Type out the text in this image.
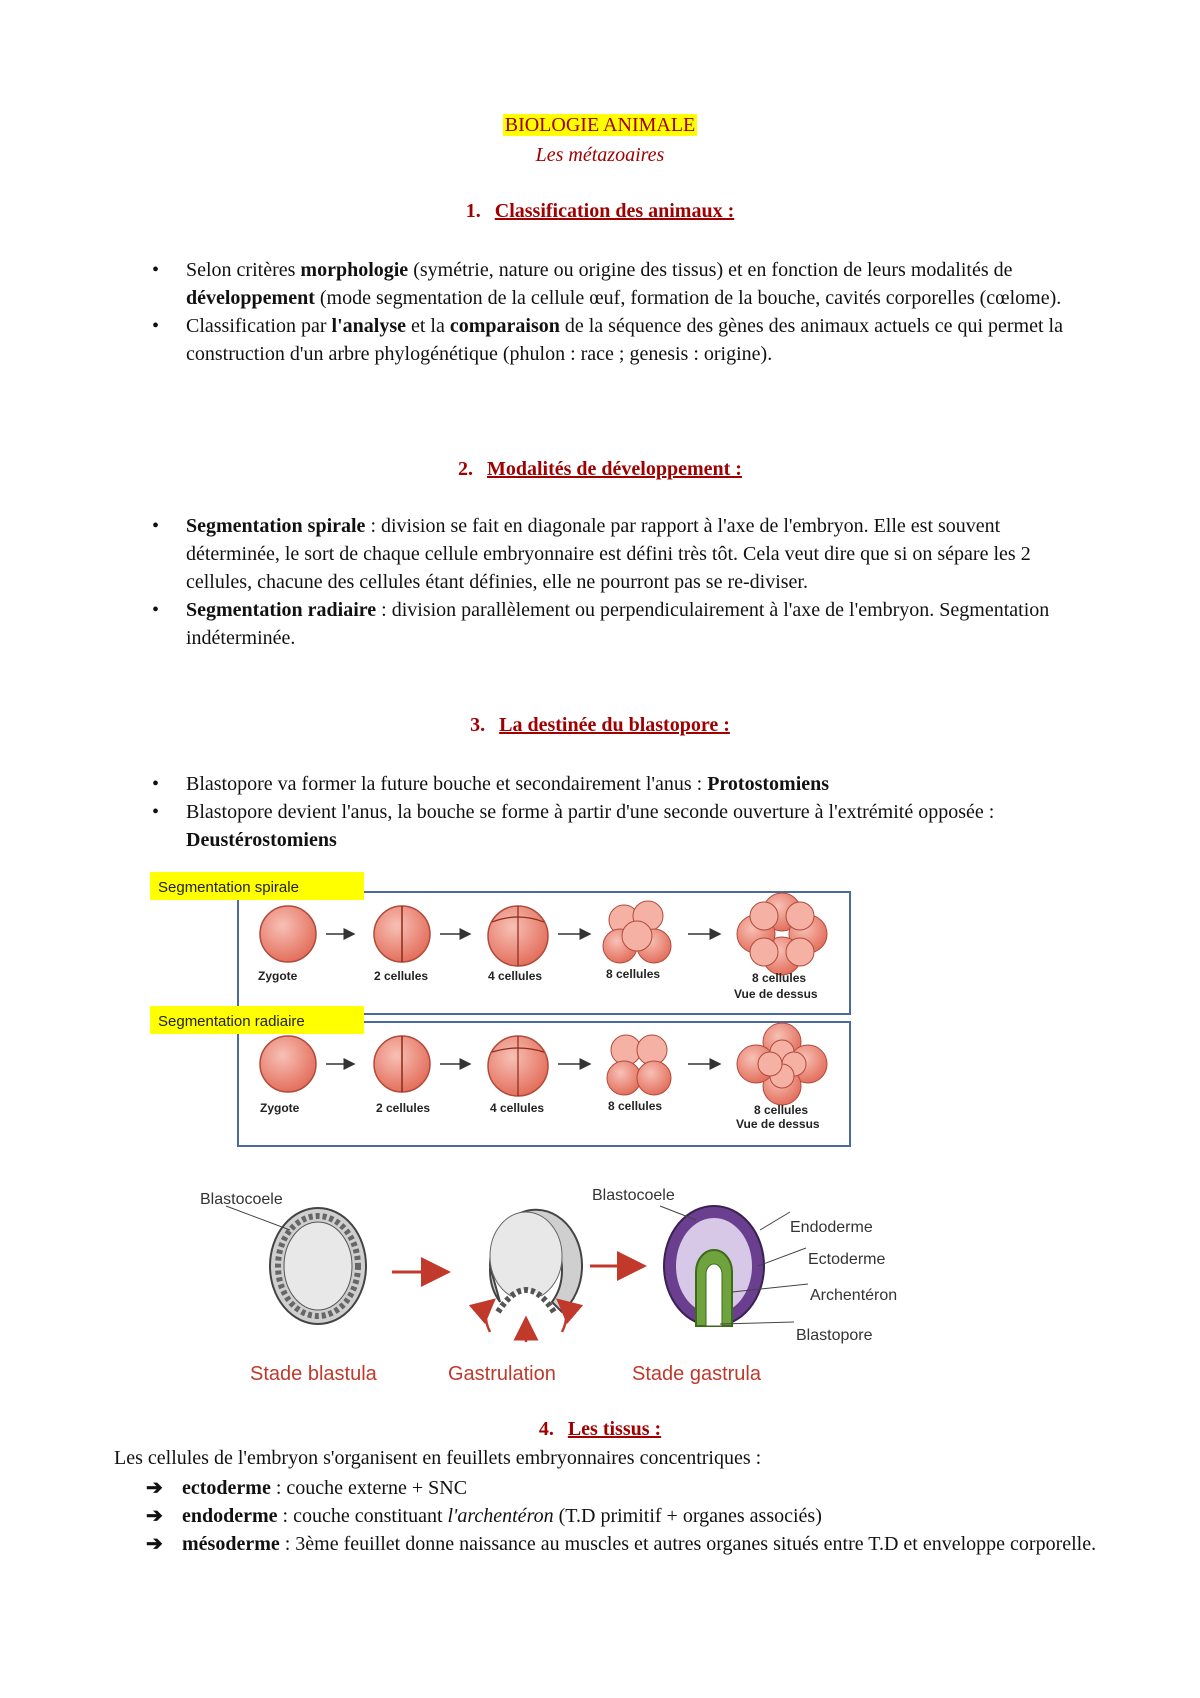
BIOLOGIE ANIMALE
Les métazoaires
1. Classification des animaux :
• Selon critères morphologie (symétrie, nature ou origine des tissus) et en fonction de leurs modalités de développement (mode segmentation de la cellule œuf, formation de la bouche, cavités corporelles (cœlome).
• Classification par l'analyse et la comparaison de la séquence des gènes des animaux actuels ce qui permet la construction d'un arbre phylogénétique (phulon : race ; genesis : origine).
2. Modalités de développement :
• Segmentation spirale : division se fait en diagonale par rapport à l'axe de l'embryon. Elle est souvent déterminée, le sort de chaque cellule embryonnaire est défini très tôt. Cela veut dire que si on sépare les 2 cellules, chacune des cellules étant définies, elle ne pourront pas se re-diviser.
• Segmentation radiaire : division parallèlement ou perpendiculairement à l'axe de l'embryon. Segmentation indéterminée.
3. La destinée du blastopore :
• Blastopore va former la future bouche et secondairement l'anus : Protostomiens
• Blastopore devient l'anus, la bouche se forme à partir d'une seconde ouverture à l'extrémité opposée : Deustérostomiens
Segmentation spirale
Zygote	2 cellules	4 cellules	8 cellules	8 cellules
Vue de dessus
Segmentation radiaire
Zygote	2 cellules	4 cellules	8 cellules	8 cellules
Vue de dessus
Blastocoele	Blastocoele
Endoderme
Ectoderme
Archentéron
Blastopore
Stade blastula	Gastrulation	Stade gastrula
4. Les tissus :
Les cellules de l'embryon s'organisent en feuillets embryonnaires concentriques :
➔ ectoderme : couche externe + SNC
➔ endoderme : couche constituant l'archentéron (T.D primitif + organes associés)
➔ mésoderme : 3ème feuillet donne naissance au muscles et autres organes situés entre T.D et enveloppe corporelle.
